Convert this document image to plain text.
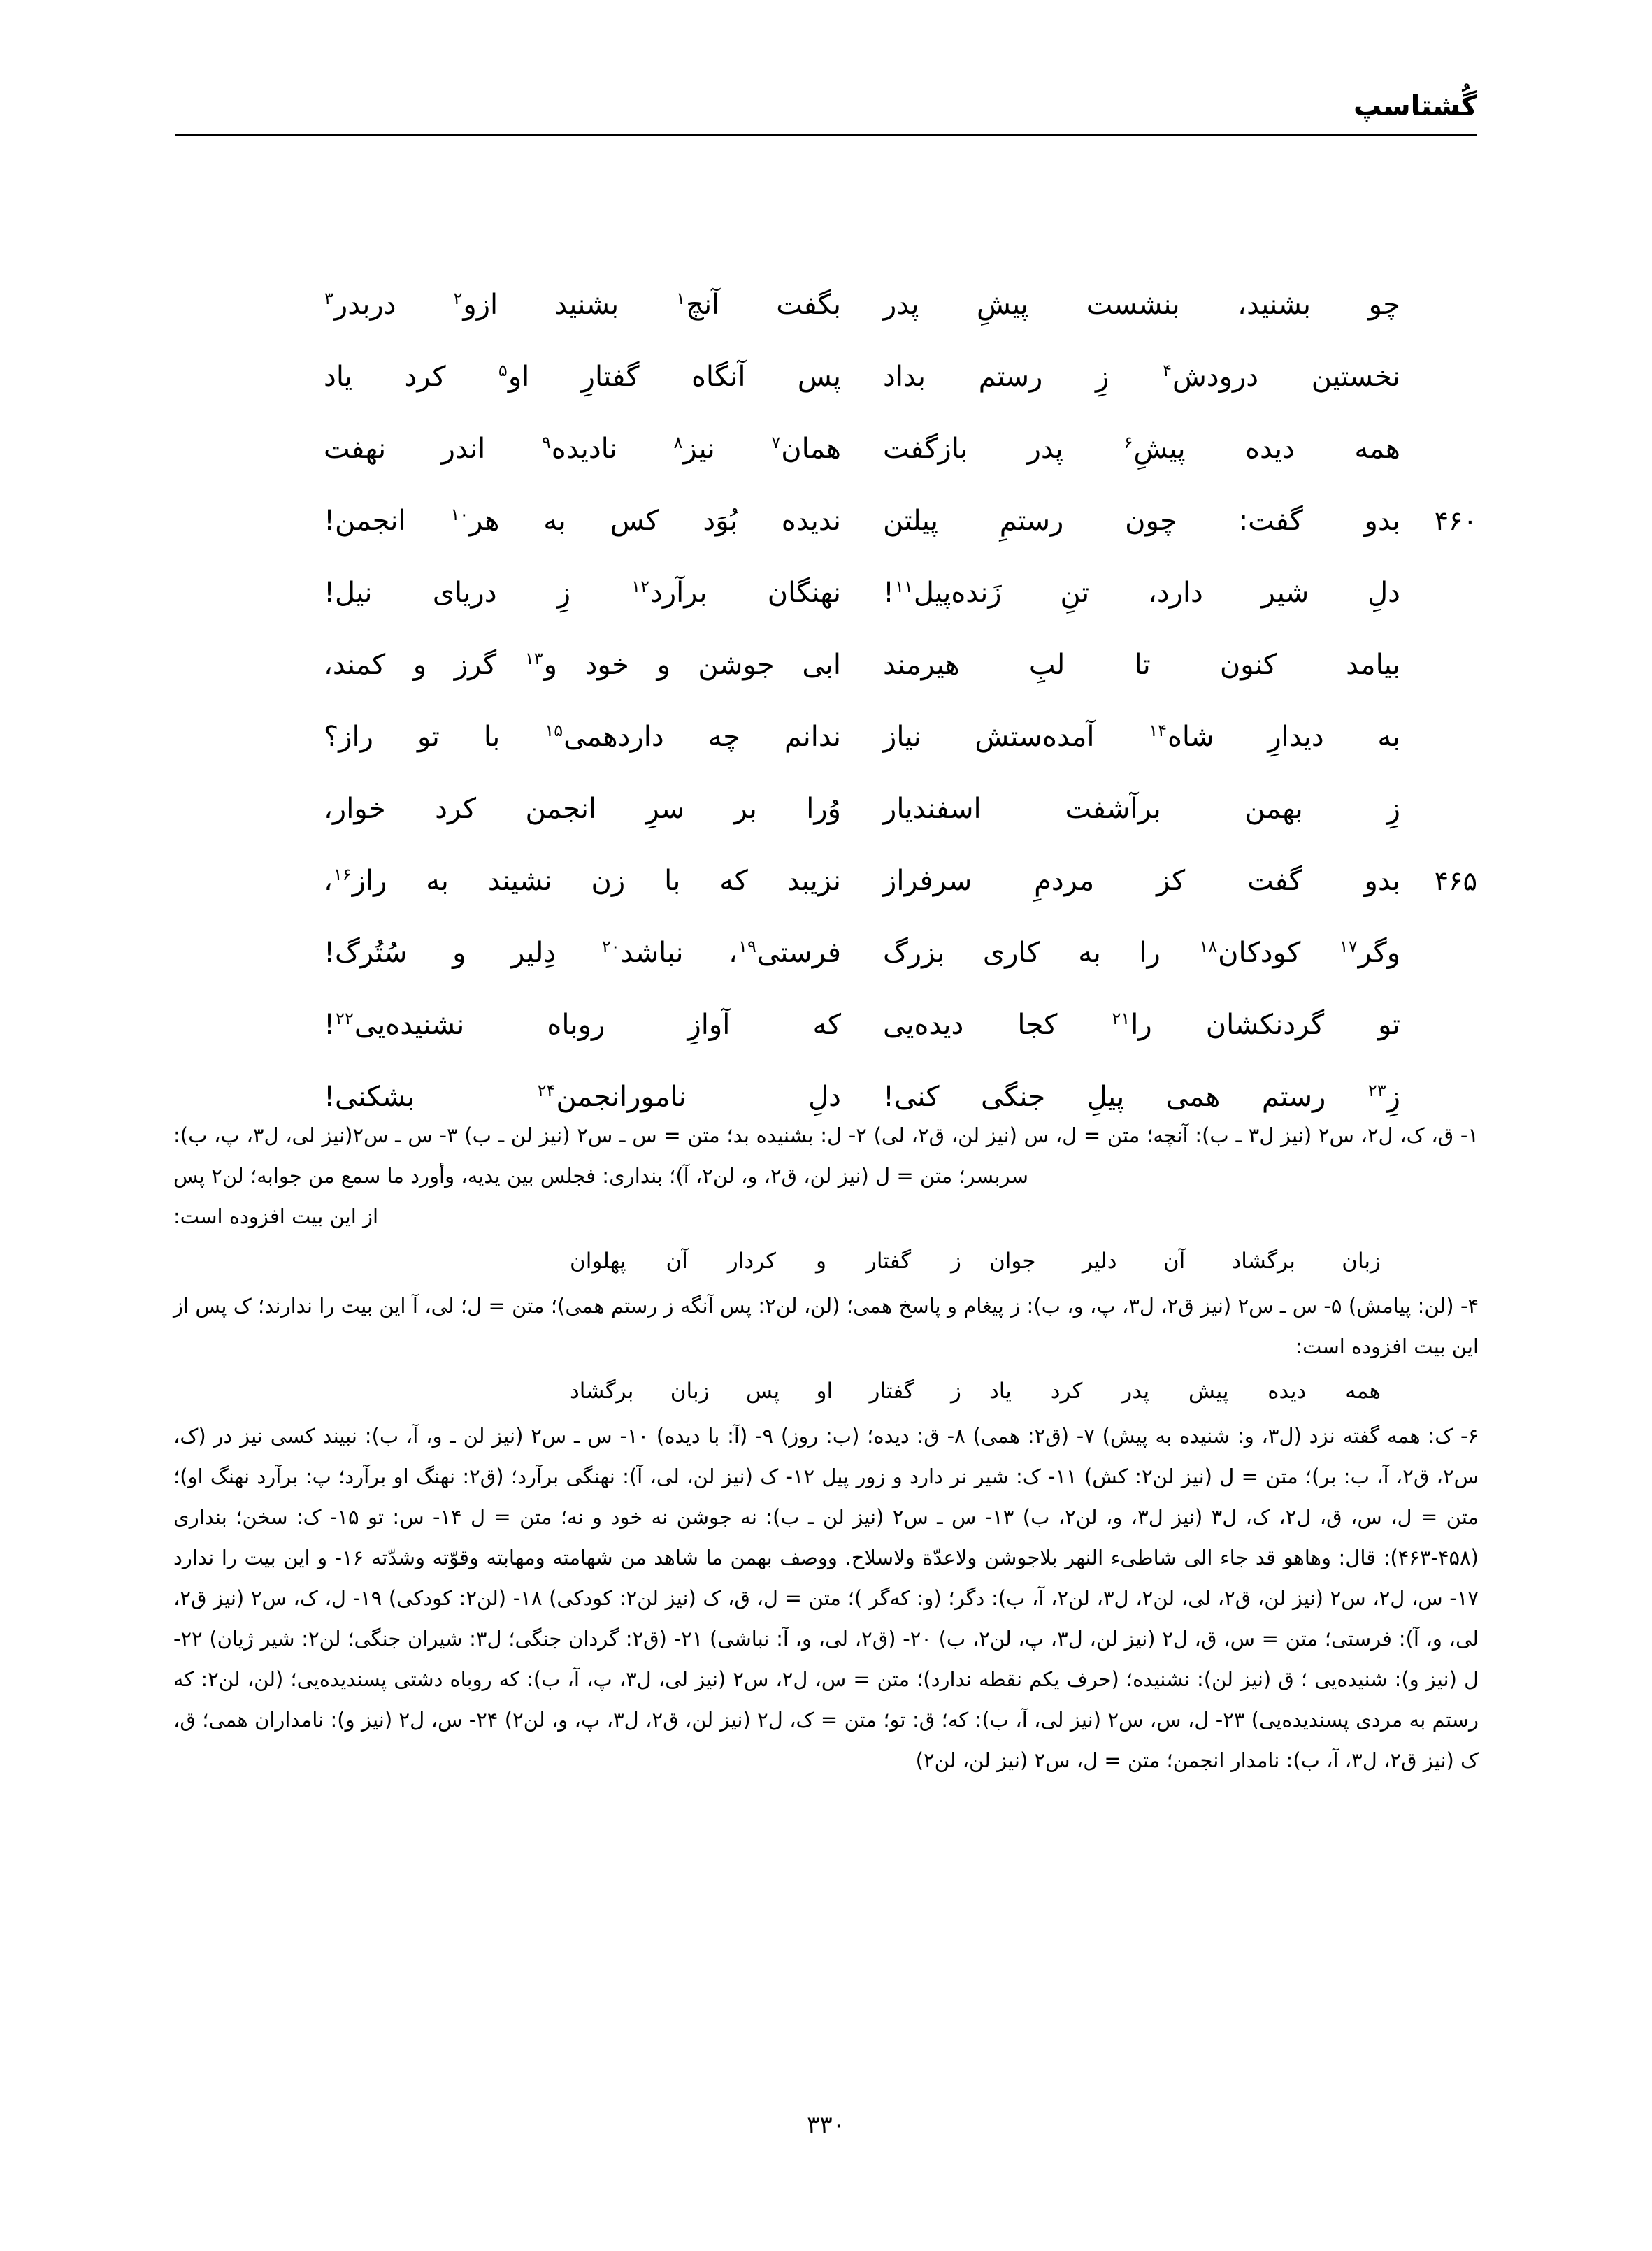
گُشتاسپ
چو بشنید، بنشست پیشِ پدر
بگفت آنچ$^۱$ بشنید ازو$^۲$ دربدر$^۳$
نخستین درودش$^۴$ زِ رستم بداد
پس آنگاه گفتارِ او$^۵$ کرد یاد
همه دیده پیشِ$^۶$ پدر بازگفت
همان$^۷$ نیز$^۸$ نادیده$^۹$ اندر نهفت
۴۶۰
بدو گفت: چون رستمِ پیلتن
ندیده بُوَد کس به هر$^{۱۰}$ انجمن!
دلِ شیر دارد، تنِ زَنده‌پیل$^{۱۱}$!
نهنگان برآرد$^{۱۲}$ زِ دریای نیل!
بیامد کنون تا لبِ هیرمند
ابی جوشن و خود و$^{۱۳}$ گرز و کمند،
به دیدارِ شاه$^{۱۴}$ آمده‌ستش نیاز
ندانم چه داردهمی$^{۱۵}$ با تو راز؟
زِ بهمن برآشفت اسفندیار
وُرا بر سرِ انجمن کرد خوار،
۴۶۵
بدو گفت کز مردمِ سرفراز
نزیبد که با زن نشیند به راز$^{۱۶}$،
وگر$^{۱۷}$ کودکان$^{۱۸}$ را به کاری بزرگ
فرستی$^{۱۹}$، نباشد$^{۲۰}$ دِلیر و سُتُرگ!
تو گردنکشان را$^{۲۱}$ کجا دیده‌یی
که آوازِ روباه نشنیده‌یی$^{۲۲}$!
زِ$^{۲۳}$ رستم همی پیلِ جنگی کنی!
دلِ نامورانجمن$^{۲۴}$ بشکنی!

۱- ق، ک، ل۲، س۲ (نیز ل۳ ـ ب): آنچه؛ متن = ل، س (نیز لن، ق۲، لی) ۲- ل: بشنیده بد؛ متن = س ـ س۲ (نیز لن ـ ب) ۳- س ـ س۲(نیز لی، ل۳، پ، ب): سربسر؛ متن = ل (نیز لن، ق۲، و، لن۲، آ)؛ بنداری: فجلس بین یدیه، وأورد ما سمع من جوابه؛ لن۲ پس

از این بیت افزوده است:

زبان برگشاد آن دلیر جوان
ز گفتار و کردار آن پهلوان

۴- (لن: پیامش) ۵- س ـ س۲ (نیز ق۲، ل۳، پ، و، ب): ز پیغام و پاسخ همی؛ (لن، لن۲: پس آنگه ز رستم همی)؛ متن = ل؛ لی، آ این بیت را ندارند؛ ک پس از این بیت افزوده است:

همه دیده پیش پدر کرد یاد
ز گفتار او پس زبان برگشاد

۶- ک: همه گفته نزد (ل۳، و: شنیده به پیش) ۷- (ق۲: همی) ۸- ق: دیده؛ (ب: روز) ۹- (آ: با دیده) ۱۰- س ـ س۲ (نیز لن ـ و، آ، ب): نبیند کسی نیز در (ک، س۲، ق۲، آ، ب: بر)؛ متن = ل (نیز لن۲: کش) ۱۱- ک: شیر نر دارد و زور پیل ۱۲- ک (نیز لن، لی، آ): نهنگی برآرد؛ (ق۲: نهنگ او برآرد؛ پ: برآرد نهنگ او)؛ متن = ل، س، ق، ل۲، ک، ل۳ (نیز ل۳، و، لن۲، ب) ۱۳- س ـ س۲ (نیز لن ـ ب): نه جوشن نه خود و نه؛ متن = ل ۱۴- س: تو ۱۵- ک: سخن؛ بنداری (۴۵۸-۴۶۳): قال: وهاهو قد جاء الی شاطیء النهر بلاجوشن ولاعدّة ولاسلاح. ووصف بهمن ما شاهد من شهامته ومهابته وقوّته وشدّته ۱۶- و این بیت را ندارد ۱۷- س، ل۲، س۲ (نیز لن، ق۲، لی، لن۲، ل۳، لن۲، آ، ب): دگر؛ (و: که‌گر )؛ متن = ل، ق، ک (نیز لن۲: کودکی) ۱۸- (لن۲: کودکی) ۱۹- ل، ک، س۲ (نیز ق۲، لی، و، آ): فرستی؛ متن = س، ق، ل۲ (نیز لن، ل۳، پ، لن۲، ب) ۲۰- (ق۲، لی، و، آ: نباشی) ۲۱- (ق۲: گردان جنگی؛ ل۳: شیران جنگی؛ لن۲: شیر ژیان) ۲۲- ل (نیز و): شنیده‌یی ؛ ق (نیز لن): نشنیده؛ (حرف یکم نقطه ندارد)؛ متن = س، ل۲، س۲ (نیز لی، ل۳، پ، آ، ب): که روباه دشتی پسندیده‌یی؛ (لن، لن۲: که رستم به مردی پسندیده‌یی) ۲۳- ل، س، س۲ (نیز لی، آ، ب): که؛ ق: تو؛ متن = ک، ل۲ (نیز لن، ق۲، ل۳، پ، و، لن۲) ۲۴- س، ل۲ (نیز و): نامداران همی؛ ق، ک (نیز ق۲، ل۳، آ، ب): نامدار انجمن؛ متن = ل، س۲ (نیز لن، لن۲)

۳۳۰
